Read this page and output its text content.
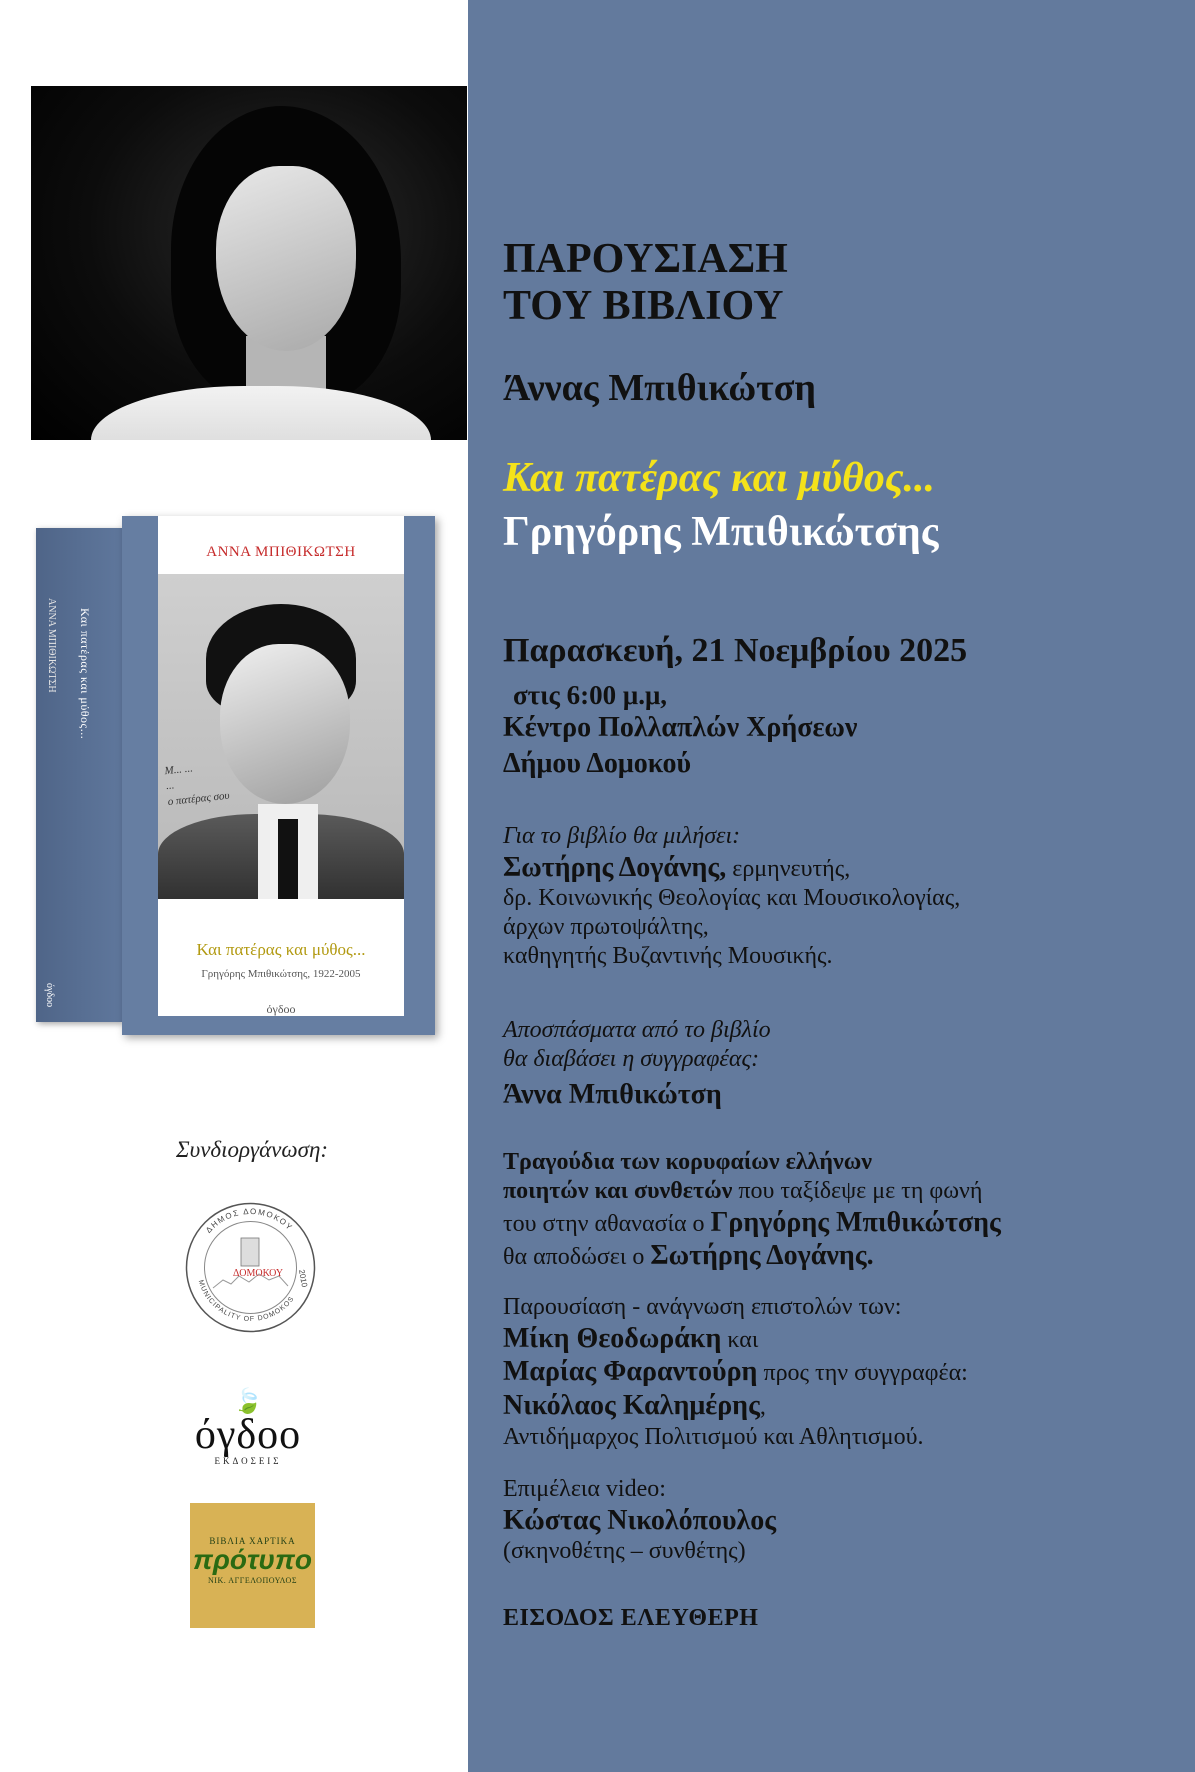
ΑΝΝΑ ΜΠΙΘΙΚΩΤΣΗ Και πατέρας και μύθος...
όγδοο
ΑΝΝΑ ΜΠΙΘΙΚΩΤΣΗ
Μ... ...
...
ο πατέρας σου
Και πατέρας και μύθος...
Γρηγόρης Μπιθικώτσης, 1922-2005
όγδοο
Συνδιοργάνωση:
ΔΗΜΟΣ ΔΟΜΟΚΟΥ
MUNICIPALITY OF DOMOKOS
ΔΟΜΟΚΟΥ 2010
🍃
όγδοο
ΕΚΔΟΣΕΙΣ
ΒΙΒΛΙΑ ΧΑΡΤΙΚΑ
πρότυπο
ΝΙΚ. ΑΓΓΕΛΟΠΟΥΛΟΣ
ΠΑΡΟΥΣΙΑΣΗ
ΤΟΥ ΒΙΒΛΙΟΥ
Άννας Μπιθικώτση
Και πατέρας και μύθος...
Γρηγόρης Μπιθικώτσης
Παρασκευή, 21 Νοεμβρίου 2025
στις 6:00 μ.μ,
Κέντρο Πολλαπλών Χρήσεων
Δήμου Δομοκού
Για το βιβλίο θα μιλήσει:
Σωτήρης Δογάνης, ερμηνευτής,
δρ. Κοινωνικής Θεολογίας και Μουσικολογίας,
άρχων πρωτοψάλτης,
καθηγητής Βυζαντινής Μουσικής.
Αποσπάσματα από το βιβλίο
θα διαβάσει η συγγραφέας:
Άννα Μπιθικώτση
Τραγούδια των κορυφαίων ελλήνων
ποιητών και συνθετών που ταξίδεψε με τη φωνή
του στην αθανασία ο Γρηγόρης Μπιθικώτσης
θα αποδώσει ο Σωτήρης Δογάνης.
Παρουσίαση - ανάγνωση επιστολών των:
Μίκη Θεοδωράκη και
Μαρίας Φαραντούρη προς την συγγραφέα:
Νικόλαος Καλημέρης,
Αντιδήμαρχος Πολιτισμού και Αθλητισμού.
Επιμέλεια video:
Κώστας Νικολόπουλος
(σκηνοθέτης – συνθέτης)
ΕΙΣΟΔΟΣ ΕΛΕΥΘΕΡΗ
